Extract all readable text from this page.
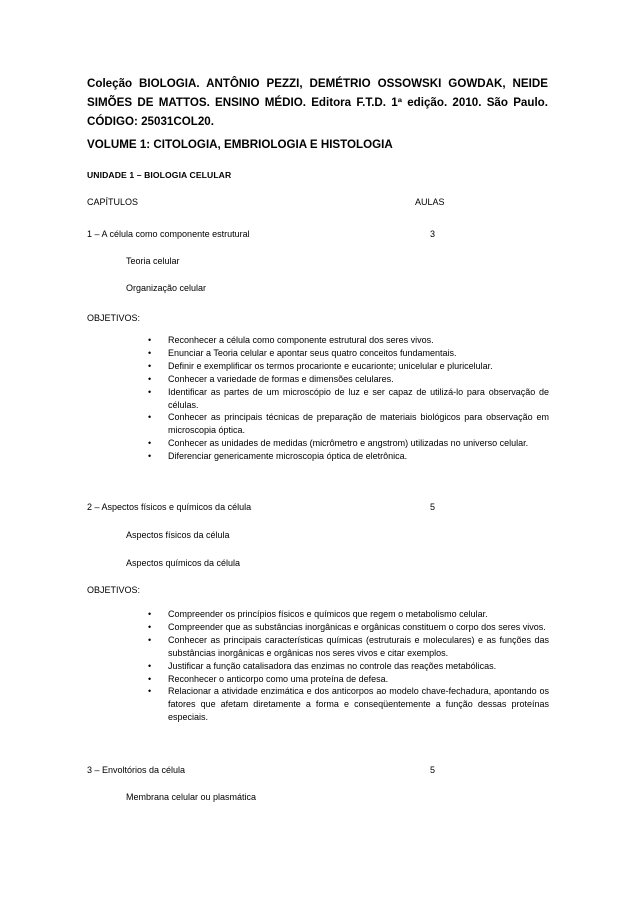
Coleção BIOLOGIA. ANTÔNIO PEZZI, DEMÉTRIO OSSOWSKI GOWDAK, NEIDE SIMÕES DE MATTOS. ENSINO MÉDIO. Editora F.T.D. 1ª edição. 2010. São Paulo. CÓDIGO: 25031COL20.
VOLUME 1: CITOLOGIA, EMBRIOLOGIA E HISTOLOGIA
UNIDADE 1 – BIOLOGIA CELULAR
CAPÍTULOS	AULAS
1 – A célula como componente estrutural	3
Teoria celular
Organização celular
OBJETIVOS:
• Reconhecer a célula como componente estrutural dos seres vivos.
• Enunciar a Teoria celular e apontar seus quatro conceitos fundamentais.
• Definir e exemplificar os termos procarionte e eucarionte; unicelular e pluricelular.
• Conhecer a variedade de formas e dimensões celulares.
• Identificar as partes de um microscópio de luz e ser capaz de utilizá-lo para observação de células.
• Conhecer as principais técnicas de preparação de materiais biológicos para observação em microscopia óptica.
• Conhecer as unidades de medidas (micrômetro e angstrom) utilizadas no universo celular.
• Diferenciar genericamente microscopia óptica de eletrônica.
2 – Aspectos físicos e químicos da célula	5
Aspectos físicos da célula
Aspectos químicos da célula
OBJETIVOS:
• Compreender os princípios físicos e químicos que regem o metabolismo celular.
• Compreender que as substâncias inorgânicas e orgânicas constituem o corpo dos seres vivos.
• Conhecer as principais características químicas (estruturais e moleculares) e as funções das substâncias inorgânicas e orgânicas nos seres vivos e citar exemplos.
• Justificar a função catalisadora das enzimas no controle das reações metabólicas.
• Reconhecer o anticorpo como uma proteína de defesa.
• Relacionar a atividade enzimática e dos anticorpos ao modelo chave-fechadura, apontando os fatores que afetam diretamente a forma e conseqüentemente a função dessas proteínas especiais.
3 – Envoltórios da célula	5
Membrana celular ou plasmática
